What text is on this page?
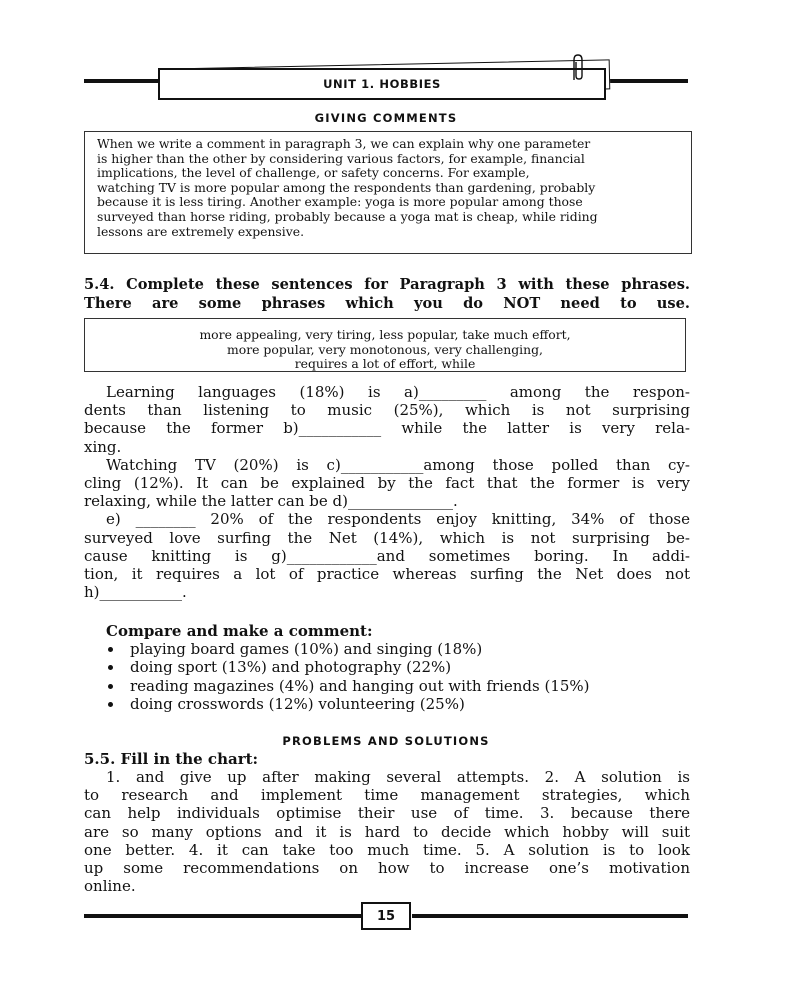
UNIT 1. HOBBIES
GIVING COMMENTS

When we write a comment in paragraph 3, we can explain why one parameter

is higher than the other by considering various factors, for example, financial

implications, the level of challenge, or safety concerns. For example,

watching TV is more popular among the respondents than gardening, probably

because it is less tiring. Another example: yoga is more popular among those

surveyed than horse riding, probably because a yoga mat is cheap, while riding

lessons are extremely expensive.

5.4. Complete these sentences for Paragraph 3 with these phrases.
There are some phrases which you do NOT need to use.
more appealing, very tiring, less popular, take much effort,
more popular, very monotonous, very challenging,
requires a lot of effort, while
Learning languages (18%) is a)_________ among the respon-
dents than listening to music (25%), which is not surprising
because the former b)___________ while the latter is very rela-
xing.
Watching TV (20%) is c)___________among those polled than cy-
cling (12%). It can be explained by the fact that the former is very
relaxing, while the latter can be d)______________.
e) ________ 20% of the respondents enjoy knitting, 34% of those
surveyed love surfing the Net (14%), which is not surprising be-
cause knitting is g)____________and sometimes boring. In addi-
tion, it requires a lot of practice whereas surfing the Net does not
h)___________.
Compare and make a comment:
playing board games (10%) and singing (18%)
doing sport (13%) and photography (22%)
reading magazines (4%) and hanging out with friends (15%)
doing crosswords (12%) volunteering (25%)
PROBLEMS AND SOLUTIONS
5.5. Fill in the chart:
1. and give up after making several attempts. 2. A solution is
to research and implement time management strategies, which
can help individuals optimise their use of time. 3. because there
are so many options and it is hard to decide which hobby will suit
one better. 4. it can take too much time. 5. A solution is to look
up some recommendations on how to increase one’s motivation
online.
15
